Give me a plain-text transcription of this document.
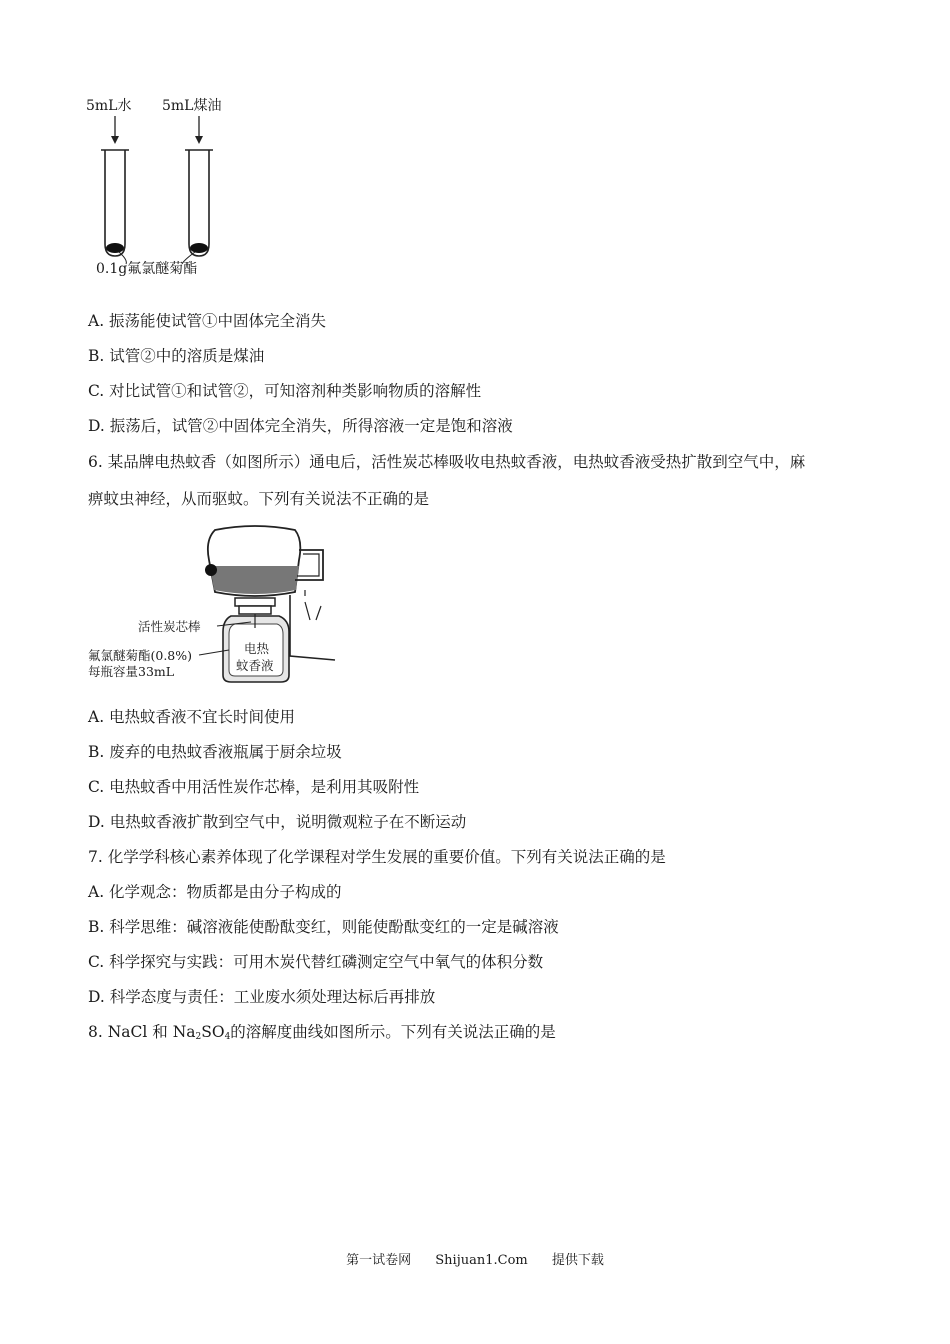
5mL水 5mL煤油
0.1g氟氯醚菊酯
A. 振荡能使试管①中固体完全消失
B. 试管②中的溶质是煤油
C. 对比试管①和试管②，可知溶剂种类影响物质的溶解性
D. 振荡后，试管②中固体完全消失，所得溶液一定是饱和溶液
6. 某品牌电热蚊香（如图所示）通电后，活性炭芯棒吸收电热蚊香液，电热蚊香液受热扩散到空气中，麻
痹蚊虫神经，从而驱蚊。下列有关说法不正确的是
活性炭芯棒
氟氯醚菊酯(0.8%)
每瓶容量33mL
电热
蚊香液
A. 电热蚊香液不宜长时间使用
B. 废弃的电热蚊香液瓶属于厨余垃圾
C. 电热蚊香中用活性炭作芯棒，是利用其吸附性
D. 电热蚊香液扩散到空气中，说明微观粒子在不断运动
7. 化学学科核心素养体现了化学课程对学生发展的重要价值。下列有关说法正确的是
A. 化学观念：物质都是由分子构成的
B. 科学思维：碱溶液能使酚酞变红，则能使酚酞变红的一定是碱溶液
C. 科学探究与实践：可用木炭代替红磷测定空气中氧气的体积分数
D. 科学态度与责任：工业废水须处理达标后再排放
8. NaCl 和 $Na_2SO_4$的溶解度曲线如图所示。下列有关说法正确的是
第一试卷网 Shijuan1.Com 提供下载
